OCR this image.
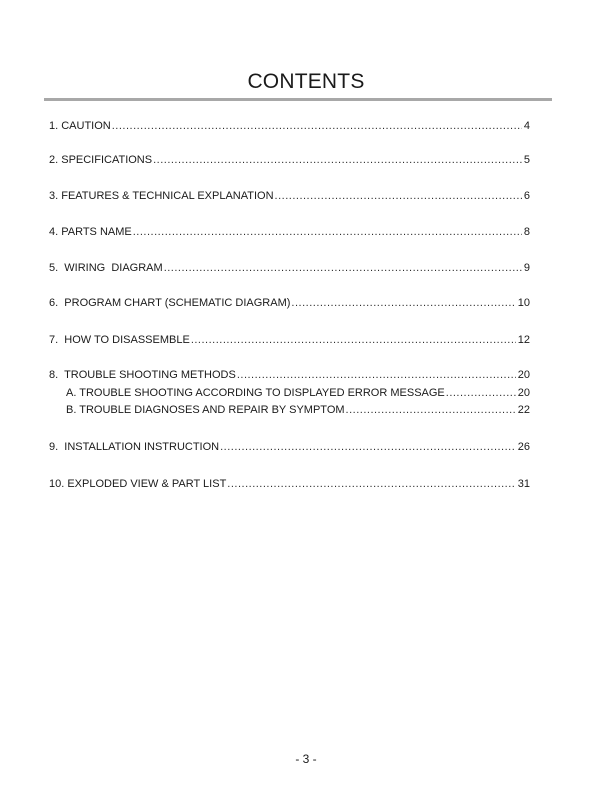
CONTENTS
1. CAUTION .....	4
2. SPECIFICATIONS .....	5
3. FEATURES & TECHNICAL EXPLANATION .....	6
4. PARTS NAME .....	8
5.  WIRING  DIAGRAM .....	9
6.  PROGRAM CHART (SCHEMATIC DIAGRAM) .....	10
7.  HOW TO DISASSEMBLE .....	12
8.  TROUBLE SHOOTING METHODS .....	20
A. TROUBLE SHOOTING ACCORDING TO DISPLAYED ERROR MESSAGE .....	20
B. TROUBLE DIAGNOSES AND REPAIR BY SYMPTOM .....	22
9.  INSTALLATION INSTRUCTION .....	26
10. EXPLODED VIEW & PART LIST .....	31
- 3 -
